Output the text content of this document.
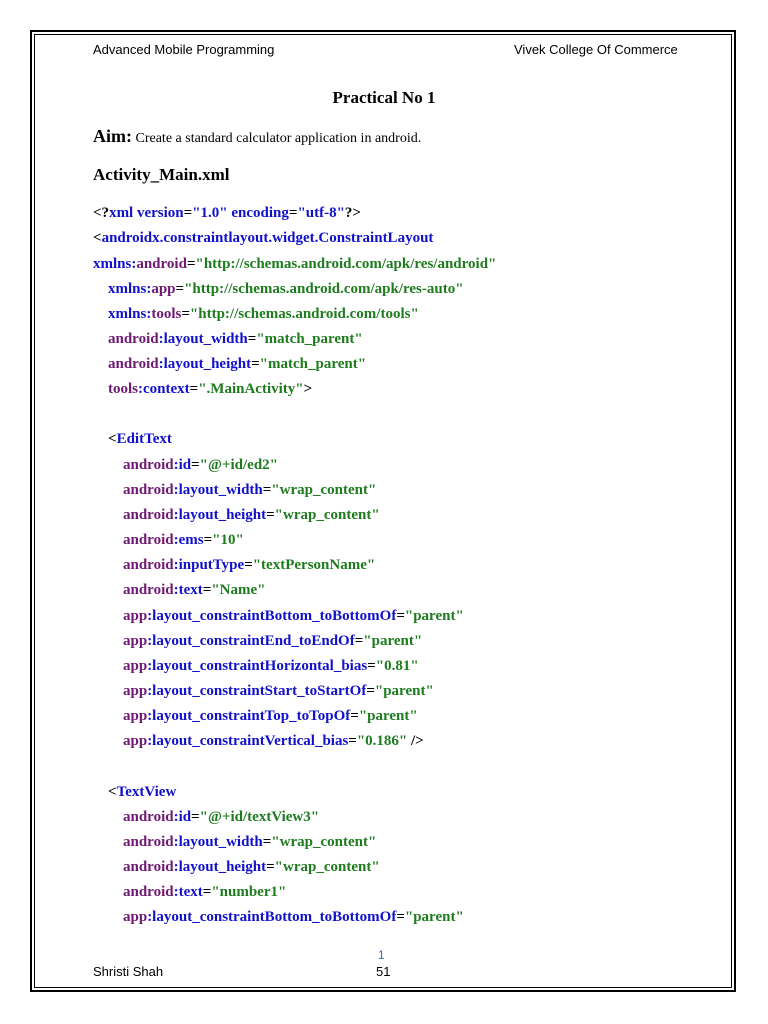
Advanced Mobile Programming	Vivek College Of Commerce
Practical No 1
Aim: Create a standard calculator application in android.
Activity_Main.xml
<?xml version="1.0" encoding="utf-8"?>
<androidx.constraintlayout.widget.ConstraintLayout
xmlns:android="http://schemas.android.com/apk/res/android"
xmlns:app="http://schemas.android.com/apk/res-auto"
xmlns:tools="http://schemas.android.com/tools"
android:layout_width="match_parent"
android:layout_height="match_parent"
tools:context=".MainActivity">
<EditText
android:id="@+id/ed2"
android:layout_width="wrap_content"
android:layout_height="wrap_content"
android:ems="10"
android:inputType="textPersonName"
android:text="Name"
app:layout_constraintBottom_toBottomOf="parent"
app:layout_constraintEnd_toEndOf="parent"
app:layout_constraintHorizontal_bias="0.81"
app:layout_constraintStart_toStartOf="parent"
app:layout_constraintTop_toTopOf="parent"
app:layout_constraintVertical_bias="0.186" />
<TextView
android:id="@+id/textView3"
android:layout_width="wrap_content"
android:layout_height="wrap_content"
android:text="number1"
app:layout_constraintBottom_toBottomOf="parent"
1
Shristi Shah	51
